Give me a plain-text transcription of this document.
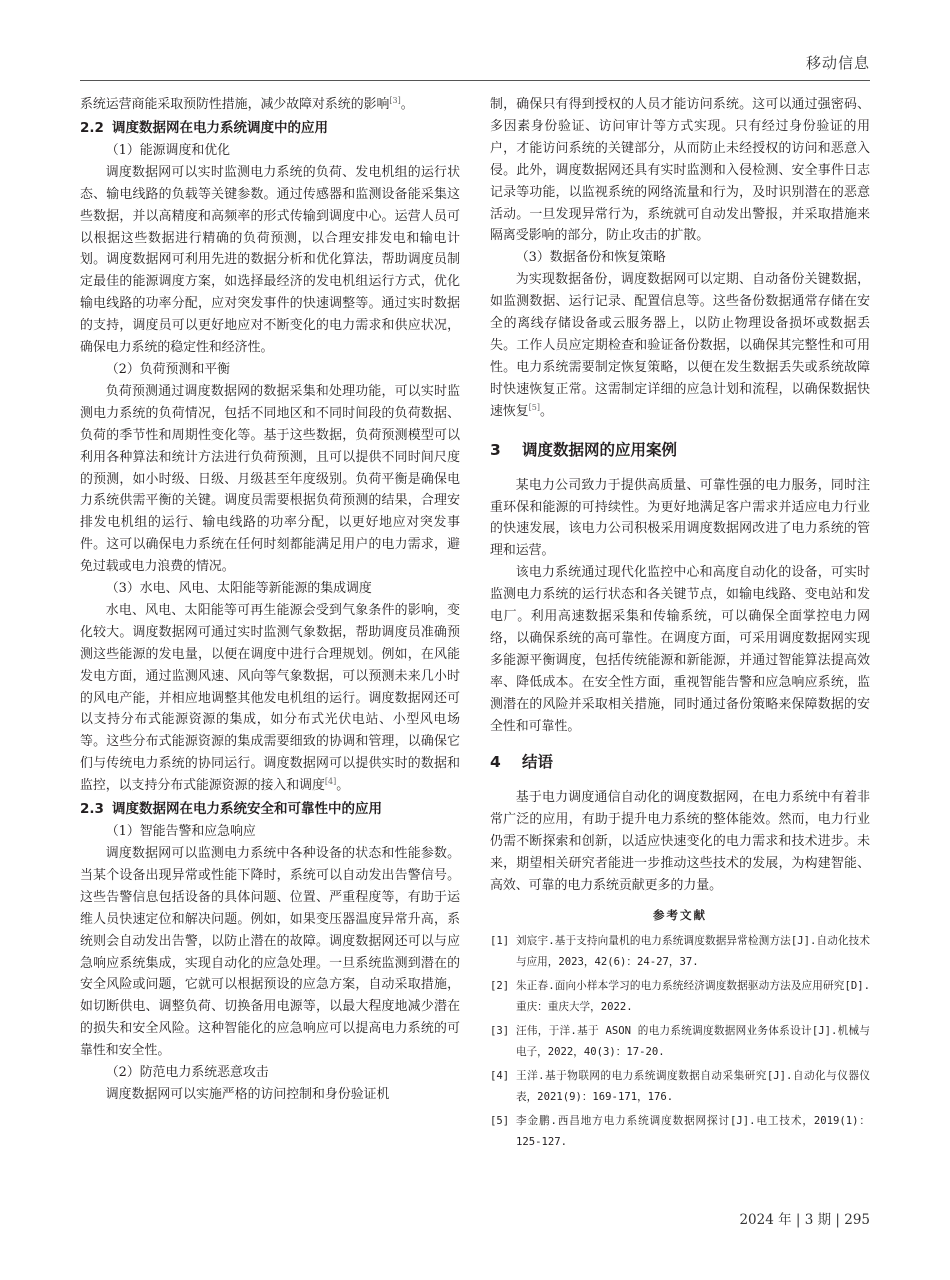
移动信息

系统运营商能采取预防性措施，减少故障对系统的影响[3]。

2.2 调度数据网在电力系统调度中的应用

（1）能源调度和优化

调度数据网可以实时监测电力系统的负荷、发电机组的运行状态、输电线路的负载等关键参数。通过传感器和监测设备能采集这些数据，并以高精度和高频率的形式传输到调度中心。运营人员可以根据这些数据进行精确的负荷预测，以合理安排发电和输电计划。调度数据网可利用先进的数据分析和优化算法，帮助调度员制定最佳的能源调度方案，如选择最经济的发电机组运行方式，优化输电线路的功率分配，应对突发事件的快速调整等。通过实时数据的支持，调度员可以更好地应对不断变化的电力需求和供应状况，确保电力系统的稳定性和经济性。

（2）负荷预测和平衡

负荷预测通过调度数据网的数据采集和处理功能，可以实时监测电力系统的负荷情况，包括不同地区和不同时间段的负荷数据、负荷的季节性和周期性变化等。基于这些数据，负荷预测模型可以利用各种算法和统计方法进行负荷预测，且可以提供不同时间尺度的预测，如小时级、日级、月级甚至年度级别。负荷平衡是确保电力系统供需平衡的关键。调度员需要根据负荷预测的结果，合理安排发电机组的运行、输电线路的功率分配，以更好地应对突发事件。这可以确保电力系统在任何时刻都能满足用户的电力需求，避免过载或电力浪费的情况。

（3）水电、风电、太阳能等新能源的集成调度

水电、风电、太阳能等可再生能源会受到气象条件的影响，变化较大。调度数据网可通过实时监测气象数据，帮助调度员准确预测这些能源的发电量，以便在调度中进行合理规划。例如，在风能发电方面，通过监测风速、风向等气象数据，可以预测未来几小时的风电产能，并相应地调整其他发电机组的运行。调度数据网还可以支持分布式能源资源的集成，如分布式光伏电站、小型风电场等。这些分布式能源资源的集成需要细致的协调和管理，以确保它们与传统电力系统的协同运行。调度数据网可以提供实时的数据和监控，以支持分布式能源资源的接入和调度[4]。

2.3 调度数据网在电力系统安全和可靠性中的应用

（1）智能告警和应急响应

调度数据网可以监测电力系统中各种设备的状态和性能参数。当某个设备出现异常或性能下降时，系统可以自动发出告警信号。这些告警信息包括设备的具体问题、位置、严重程度等，有助于运维人员快速定位和解决问题。例如，如果变压器温度异常升高，系统则会自动发出告警，以防止潜在的故障。调度数据网还可以与应急响应系统集成，实现自动化的应急处理。一旦系统监测到潜在的安全风险或问题，它就可以根据预设的应急方案，自动采取措施，如切断供电、调整负荷、切换备用电源等，以最大程度地减少潜在的损失和安全风险。这种智能化的应急响应可以提高电力系统的可靠性和安全性。

（2）防范电力系统恶意攻击

调度数据网可以实施严格的访问控制和身份验证机

制，确保只有得到授权的人员才能访问系统。这可以通过强密码、多因素身份验证、访问审计等方式实现。只有经过身份验证的用户，才能访问系统的关键部分，从而防止未经授权的访问和恶意入侵。此外，调度数据网还具有实时监测和入侵检测、安全事件日志记录等功能，以监视系统的网络流量和行为，及时识别潜在的恶意活动。一旦发现异常行为，系统就可自动发出警报，并采取措施来隔离受影响的部分，防止攻击的扩散。

（3）数据备份和恢复策略

为实现数据备份，调度数据网可以定期、自动备份关键数据，如监测数据、运行记录、配置信息等。这些备份数据通常存储在安全的离线存储设备或云服务器上，以防止物理设备损坏或数据丢失。工作人员应定期检查和验证备份数据，以确保其完整性和可用性。电力系统需要制定恢复策略，以便在发生数据丢失或系统故障时快速恢复正常。这需制定详细的应急计划和流程，以确保数据快速恢复[5]。

3 调度数据网的应用案例

某电力公司致力于提供高质量、可靠性强的电力服务，同时注重环保和能源的可持续性。为更好地满足客户需求并适应电力行业的快速发展，该电力公司积极采用调度数据网改进了电力系统的管理和运营。

该电力系统通过现代化监控中心和高度自动化的设备，可实时监测电力系统的运行状态和各关键节点，如输电线路、变电站和发电厂。利用高速数据采集和传输系统，可以确保全面掌控电力网络，以确保系统的高可靠性。在调度方面，可采用调度数据网实现多能源平衡调度，包括传统能源和新能源，并通过智能算法提高效率、降低成本。在安全性方面，重视智能告警和应急响应系统，监测潜在的风险并采取相关措施，同时通过备份策略来保障数据的安全性和可靠性。

4 结语

基于电力调度通信自动化的调度数据网，在电力系统中有着非常广泛的应用，有助于提升电力系统的整体能效。然而，电力行业仍需不断探索和创新，以适应快速变化的电力需求和技术进步。未来，期望相关研究者能进一步推动这些技术的发展，为构建智能、高效、可靠的电力系统贡献更多的力量。

参考文献
[1] 刘宸宇.基于支持向量机的电力系统调度数据异常检测方法[J].自动化技术与应用，2023，42(6)：24-27，37.
[2] 朱正春.面向小样本学习的电力系统经济调度数据驱动方法及应用研究[D].重庆：重庆大学，2022.
[3] 汪伟，于洋.基于 ASON 的电力系统调度数据网业务体系设计[J].机械与电子，2022，40(3)：17-20.
[4] 王洋.基于物联网的电力系统调度数据自动采集研究[J].自动化与仪器仪表，2021(9)：169-171，176.
[5] 李金鹏.西昌地方电力系统调度数据网探讨[J].电工技术，2019(1)：125-127.
2024 年 | 3 期 | 295
